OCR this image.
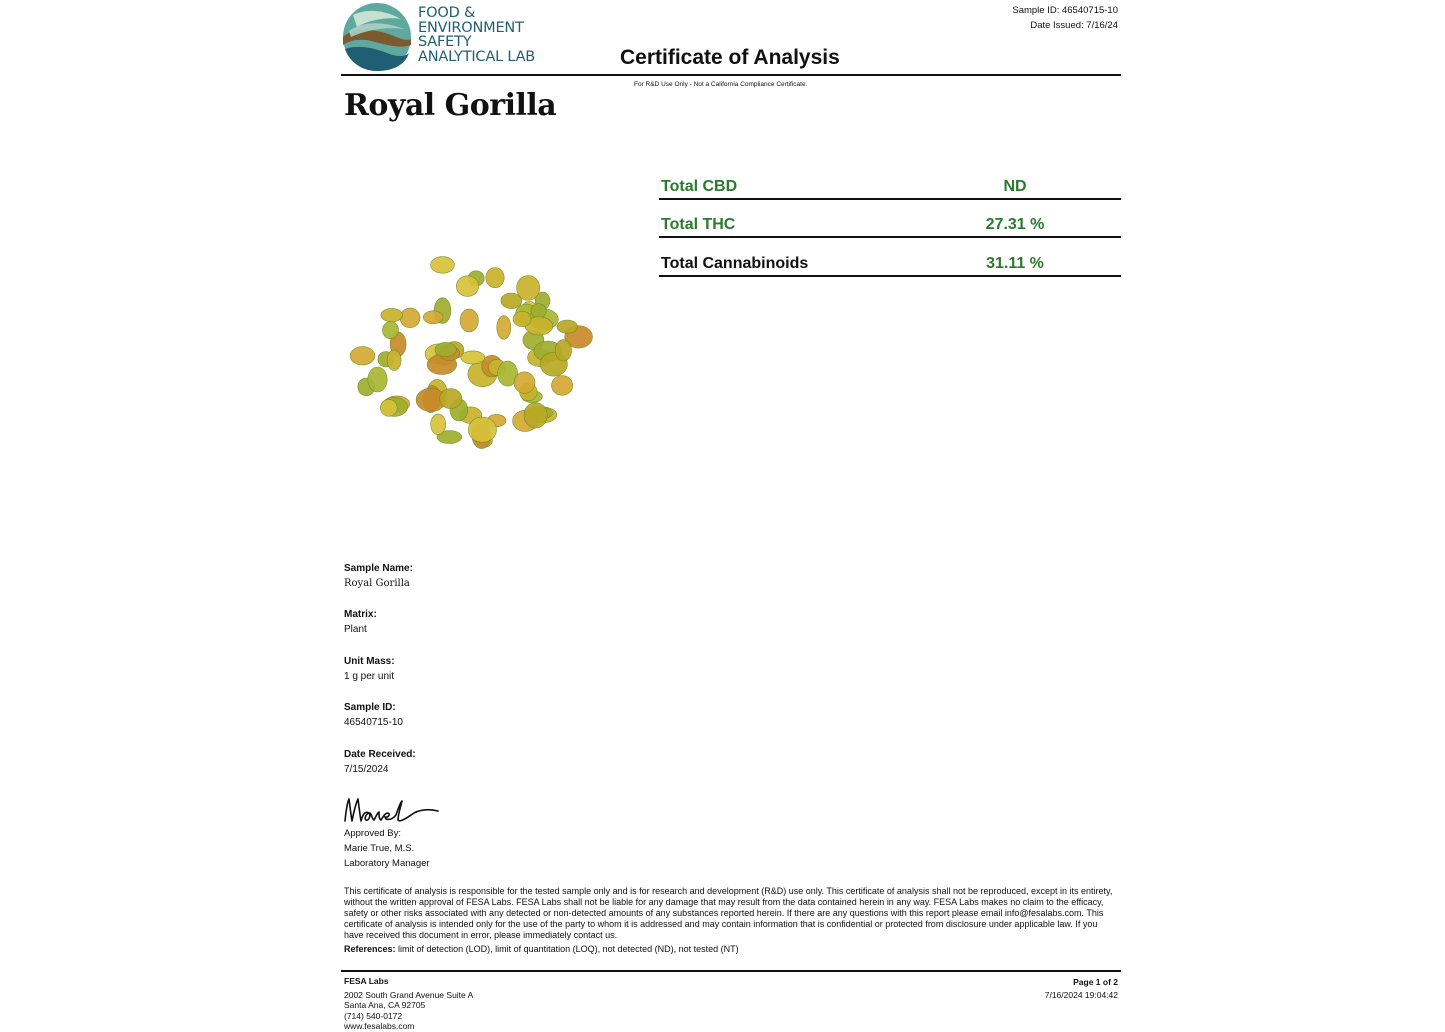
FOOD &
ENVIRONMENT
SAFETY
ANALYTICAL LAB
Sample ID: 46540715-10
Date Issued: 7/16/24
Certificate of Analysis
For R&D Use Only - Not a California Compliance Certificate.
Royal Gorilla
Total CBD	ND
Total THC	27.31 %
Total Cannabinoids	31.11 %
Sample Name:
Royal Gorilla
Matrix:
Plant
Unit Mass:
1 g per unit
Sample ID:
46540715-10
Date Received:
7/15/2024
Approved By:
Marie True, M.S.
Laboratory Manager
This certificate of analysis is responsible for the tested sample only and is for research and development (R&D) use only. This certificate of analysis shall not be reproduced, except in its entirety, without the written approval of FESA Labs. FESA Labs shall not be liable for any damage that may result from the data contained herein in any way. FESA Labs makes no claim to the efficacy, safety or other risks associated with any detected or non-detected amounts of any substances reported herein. If there are any questions with this report please email info@fesalabs.com. This certificate of analysis is intended only for the use of the party to whom it is addressed and may contain information that is confidential or protected from disclosure under applicable law. If you have received this document in error, please immediately contact us.
References: limit of detection (LOD), limit of quantitation (LOQ), not detected (ND), not tested (NT)
FESA Labs
2002 South Grand Avenue Suite A
Santa Ana, CA 92705
(714) 540-0172
www.fesalabs.com
Page 1 of 2
7/16/2024 19:04:42
